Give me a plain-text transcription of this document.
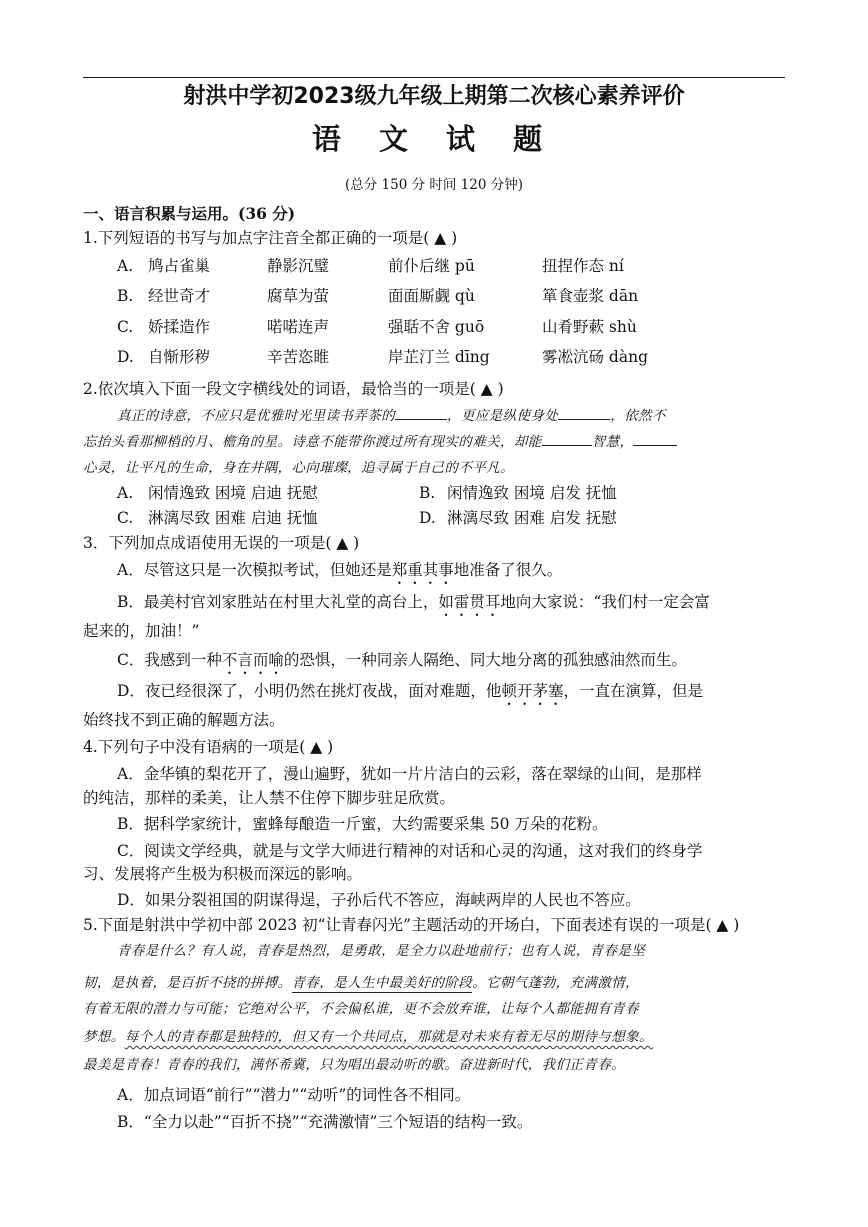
射洪中学初2023级九年级上期第二次核心素养评价
语 文 试 题
(总分 150 分 时间 120 分钟)
一、语言积累与运用。(36 分)
1.下列短语的书写与加点字注音全都正确的一项是( ▲ )
A. 鸠占雀巢	静影沉璧	前仆后继 pū	扭捏作态 ní
B. 经世奇才	腐草为萤	面面厮觑 qù	箪食壶浆 dān
C. 娇揉造作	喏喏连声	强聒不舍 guō	山肴野蔌 shù
D. 自惭形秽	辛苦恣睢	岸芷汀兰 dīng	雾凇沆砀 dàng
2.依次填入下面一段文字横线处的词语，最恰当的一项是( ▲ )
真正的诗意，不应只是优雅时光里读书弄茶的	，更应是纵使身处	，依然不
忘抬头看那柳梢的月、檐角的星。诗意不能带你渡过所有现实的难关，却能	智慧，
心灵，让平凡的生命，身在井隅，心向璀璨，追寻属于自己的不平凡。
A. 闲情逸致 困境 启迪 抚慰	B. 闲情逸致 困境 启发 抚恤
C. 淋漓尽致 困难 启迪 抚恤	D. 淋漓尽致 困难 启发 抚慰
3．下列加点成语使用无误的一项是( ▲ )
A．尽管这只是一次模拟考试，但她还是郑重其事地准备了很久。
B．最美村官刘家胜站在村里大礼堂的高台上，如雷贯耳地向大家说：“我们村一定会富
起来的，加油！”
C．我感到一种不言而喻的恐惧，一种同亲人隔绝、同大地分离的孤独感油然而生。
D．夜已经很深了，小明仍然在挑灯夜战，面对难题，他顿开茅塞，一直在演算，但是
始终找不到正确的解题方法。
4.下列句子中没有语病的一项是( ▲ )
A．金华镇的梨花开了，漫山遍野，犹如一片片洁白的云彩，落在翠绿的山间，是那样
的纯洁，那样的柔美，让人禁不住停下脚步驻足欣赏。
B．据科学家统计，蜜蜂每酿造一斤蜜，大约需要采集 50 万朵的花粉。
C．阅读文学经典，就是与文学大师进行精神的对话和心灵的沟通，这对我们的终身学
习、发展将产生极为积极而深远的影响。
D．如果分裂祖国的阴谋得逞，子孙后代不答应，海峡两岸的人民也不答应。
5.下面是射洪中学初中部 2023 初“让青春闪光”主题活动的开场白，下面表述有误的一项是( ▲ )
青春是什么？有人说，青春是热烈，是勇敢，是全力以赴地前行；也有人说，青春是坚
韧，是执着，是百折不挠的拼搏。青春，是人生中最美好的阶段。它朝气蓬勃，充满激情，
有着无限的潜力与可能；它绝对公平，不会偏私谁，更不会放弃谁，让每个人都能拥有青春
梦想。每个人的青春都是独特的，但又有一个共同点，那就是对未来有着无尽的期待与想象。
最美是青春！青春的我们，满怀希冀，只为唱出最动听的歌。奋进新时代，我们正青春。
A．加点词语“前行”“潜力”“动听”的词性各不相同。
B．“全力以赴”“百折不挠”“充满激情”三个短语的结构一致。
